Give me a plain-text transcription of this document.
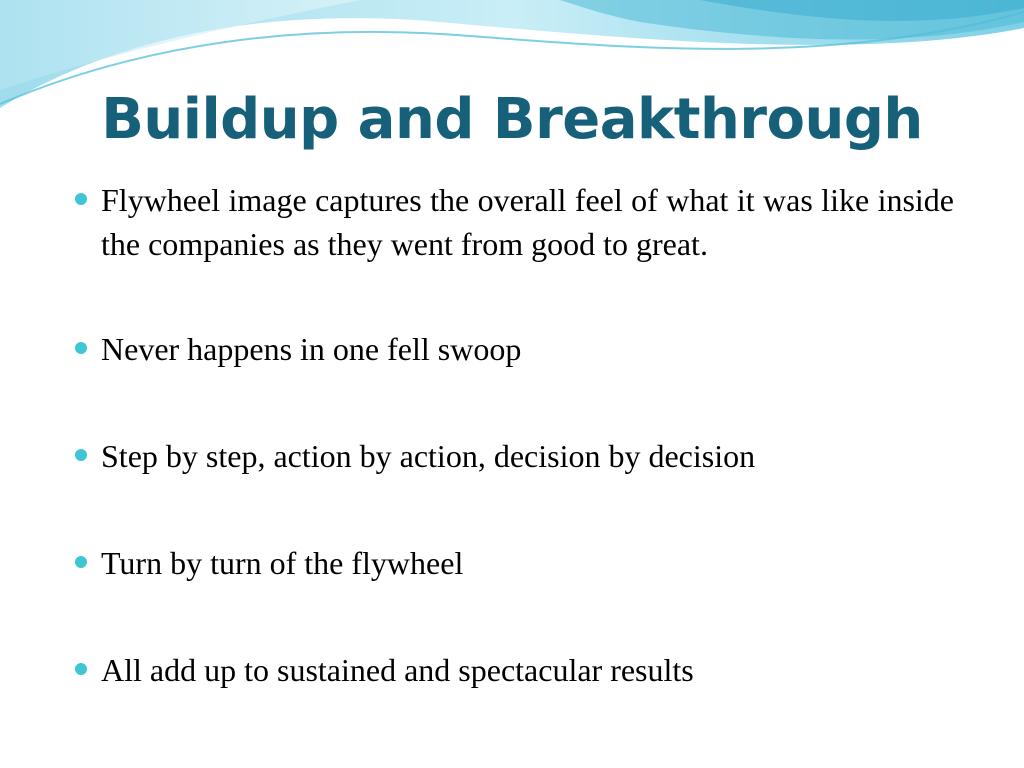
Buildup and Breakthrough
Flywheel image captures the overall feel of what it was like inside the companies as they went from good to great.
Never happens in one fell swoop
Step by step, action by action, decision by decision
Turn by turn of the flywheel
All add up to sustained and spectacular results
